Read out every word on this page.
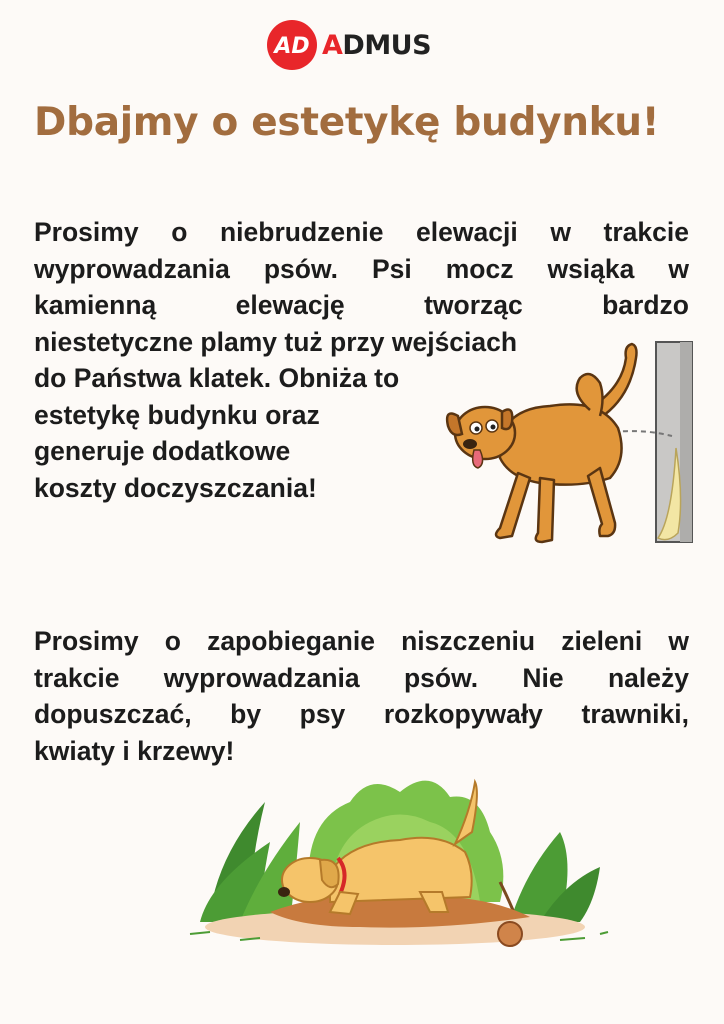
AD ADMUS
Dbajmy o estetykę budynku!
Prosimy o niebrudzenie elewacji w trakcie
wyprowadzania psów. Psi mocz wsiąka w
kamienną elewację tworząc bardzo
niestetyczne plamy tuż przy wejściach
do Państwa klatek. Obniża to
estetykę budynku oraz
generuje dodatkowe
koszty doczyszczania!
Prosimy o zapobieganie niszczeniu zieleni w
trakcie wyprowadzania psów. Nie należy
dopuszczać, by psy rozkopywały trawniki,
kwiaty i krzewy!
